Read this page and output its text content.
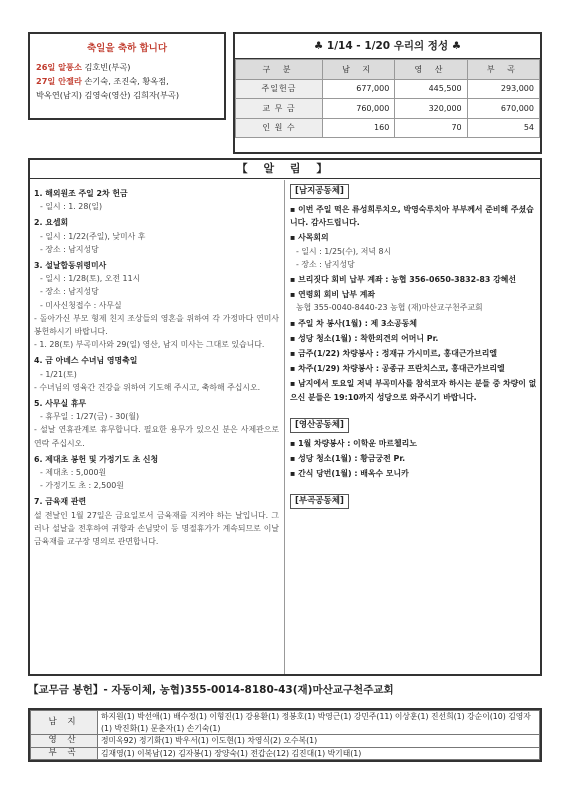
축일을 축하 합니다
26일 알퐁소 김호빈(부곡)
27일 안젤라 손기숙, 조진숙, 황옥점,
박옥연(남지) 김영숙(영산) 김희자(부곡)
♣ 1/14 - 1/20 우리의 정성 ♣
구 분	남 지	영 산	부 곡
주일헌금	677,000	445,500	293,000
교 무 금	760,000	320,000	670,000
인 원 수	160	70	54
【 알 림 】
1. 해외원조 주일 2차 헌금
- 일시 : 1. 28(일)
2. 요셉회
- 일시 : 1/22(주일), 낮미사 후
- 장소 : 남지성당
3. 설날합동위령미사
- 일시 : 1/28(토), 오전 11시
- 장소 : 남지성당
- 미사신청접수 : 사무실
- 돌아가신 부모 형제 친지 조상들의 영혼을 위하여 각 가정마다 연미사 봉헌하시기 바랍니다.
- 1. 28(토) 부곡미사와 29(일) 영산, 남지 미사는 그대로 있습니다.
4. 금 아녜스 수녀님 영명축일
- 1/21(토)
- 수녀님의 영육간 건강을 위하여 기도해 주시고, 축하해 주십시오.
5. 사무실 휴무
- 휴무일 : 1/27(금) - 30(월)
- 설날 연휴관계로 휴무합니다. 필요한 용무가 있으신 분은 사제관으로 연락 주십시오.
6. 제대초 봉헌 및 가정기도 초 신청
- 제대초 : 5,000원
- 가정기도 초 : 2,500원
7. 금육재 관련
설 전날인 1월 27일은 금요일로서 금육재를 지켜야 하는 날입니다. 그러나 설날을 전후하여 귀향과 손님맞이 등 명절휴가가 계속되므로 이날 금육재를 교구장 명의로 관면합니다.
[남지공동체]
▪ 이번 주일 떡은 류성희루치오, 박영숙루치아 부부께서 준비해 주셨습니다. 감사드립니다.
▪ 사목회의
- 일시 : 1/25(수), 저녁 8시
- 장소 : 남지성당
▪ 브리짓다 회비 납부 계좌 : 농협 356-0650-3832-83 강혜선
▪ 연령회 회비 납부 계좌
농협 355-0040-8440-23 농협 (재)마산교구천주교회
▪ 주일 차 봉사(1월) : 제 3소공동체
▪ 성당 청소(1월) : 착한의견의 어머니 Pr.
▪ 금주(1/22) 차량봉사 : 정재규 가시미르, 홍대근가브리엘
▪ 차주(1/29) 차량봉사 : 공종규 프란치스코, 홍대근가브리엘
▪ 남지에서 토요일 저녁 부곡미사를 참석코자 하시는 분들 중 차량이 없으신 분들은 19:10까지 성당으로 와주시기 바랍니다.
[영산공동체]
▪ 1월 차량봉사 : 이학운 마르첼리노
▪ 성당 청소(1월) : 황금궁전 Pr.
▪ 간식 당번(1월) : 배옥수 모니카
[부곡공동체]
【교무금 봉헌】- 자동이체, 농협)355-0014-8180-43(재)마산교구천주교회
남 지	하지원(1) 박선애(1) 배수정(1) 이형진(1) 강용환(1) 정봉호(1) 박영근(1) 강민주(11) 이상훈(1) 진선희(1) 강순이(10) 김영자(1) 박진화(1) 문춘자(1) 손기숙(1)
영 산	정미옥92) 정기화(1) 박우서(1) 이도현(1) 차영식(2) 오수복(1)
부 곡	김재영(1) 이복남(12) 김자봉(1) 장양숙(1) 전갑순(12) 김진대(1) 박기태(1)
